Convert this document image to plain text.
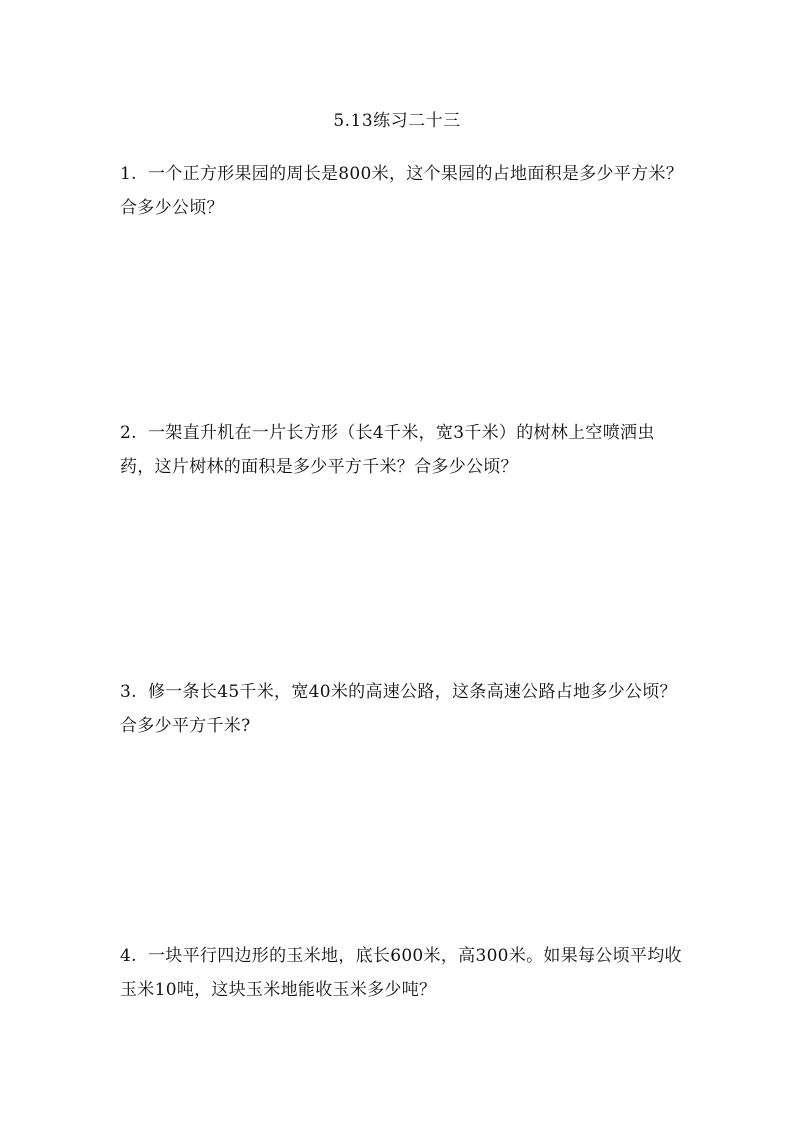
5.13练习二十三
1. 一个正方形果园的周长是800米，这个果园的占地面积是多少平方米？合多少公顷？
2. 一架直升机在一片长方形（长4千米，宽3千米）的树林上空喷洒虫药，这片树林的面积是多少平方千米？合多少公顷？
3. 修一条长45千米，宽40米的高速公路，这条高速公路占地多少公顷？合多少平方千米?
4. 一块平行四边形的玉米地，底长600米，高300米。如果每公顷平均收玉米10吨，这块玉米地能收玉米多少吨？
